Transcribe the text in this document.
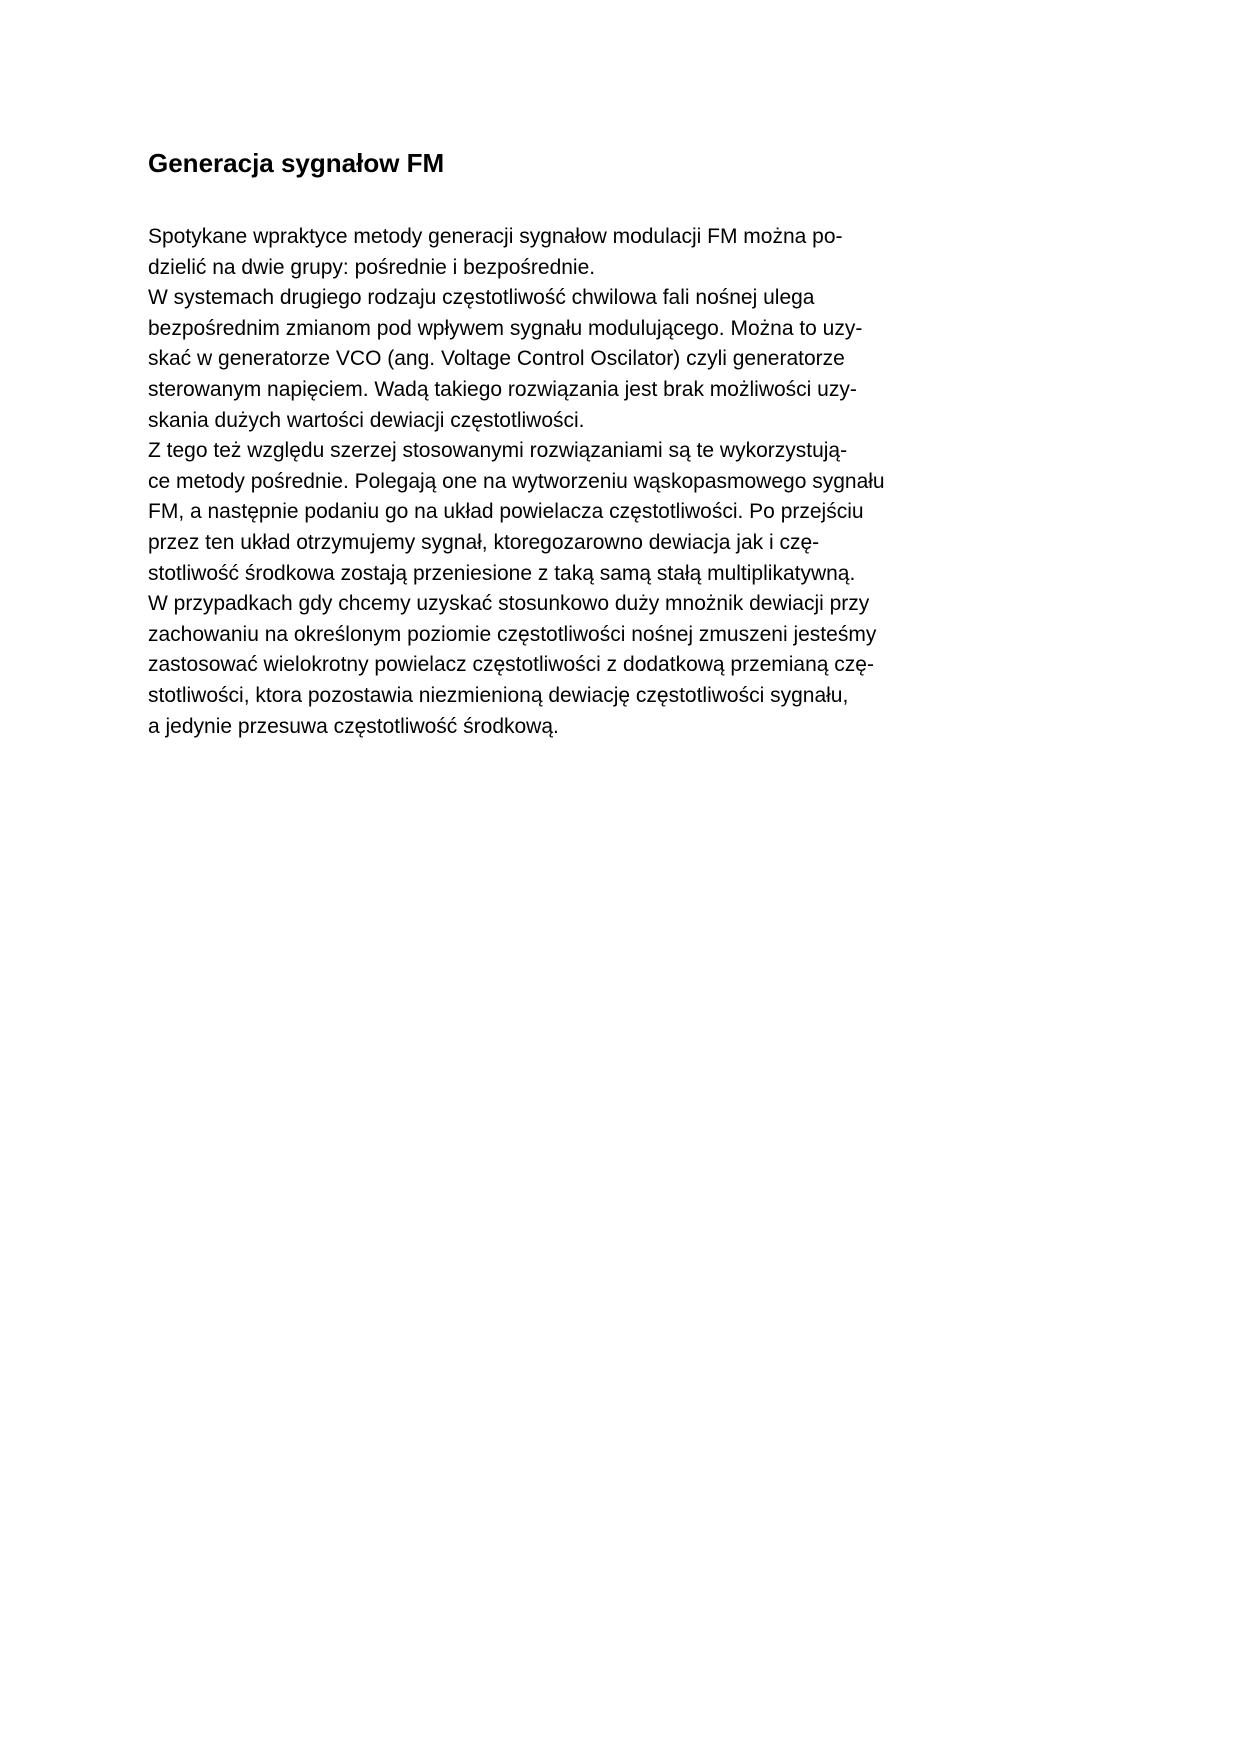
Generacja sygnałow FM
Spotykane wpraktyce metody generacji sygnałow modulacji FM można po-
dzielić na dwie grupy: pośrednie i bezpośrednie.
W systemach drugiego rodzaju częstotliwość chwilowa fali nośnej ulega
bezpośrednim zmianom pod wpływem sygnału modulującego. Można to uzy-
skać w generatorze VCO (ang. Voltage Control Oscilator) czyli generatorze
sterowanym napięciem. Wadą takiego rozwiązania jest brak możliwości uzy-
skania dużych wartości dewiacji częstotliwości.
Z tego też względu szerzej stosowanymi rozwiązaniami są te wykorzystują-
ce metody pośrednie. Polegają one na wytworzeniu wąskopasmowego sygnału
FM, a następnie podaniu go na układ powielacza częstotliwości. Po przejściu
przez ten układ otrzymujemy sygnał, ktoregozarowno dewiacja jak i czę-
stotliwość środkowa zostają przeniesione z taką samą stałą multiplikatywną.
W przypadkach gdy chcemy uzyskać stosunkowo duży mnożnik dewiacji przy
zachowaniu na określonym poziomie częstotliwości nośnej zmuszeni jesteśmy
zastosować wielokrotny powielacz częstotliwości z dodatkową przemianą czę-
stotliwości, ktora pozostawia niezmienioną dewiację częstotliwości sygnału,
a jedynie przesuwa częstotliwość środkową.
